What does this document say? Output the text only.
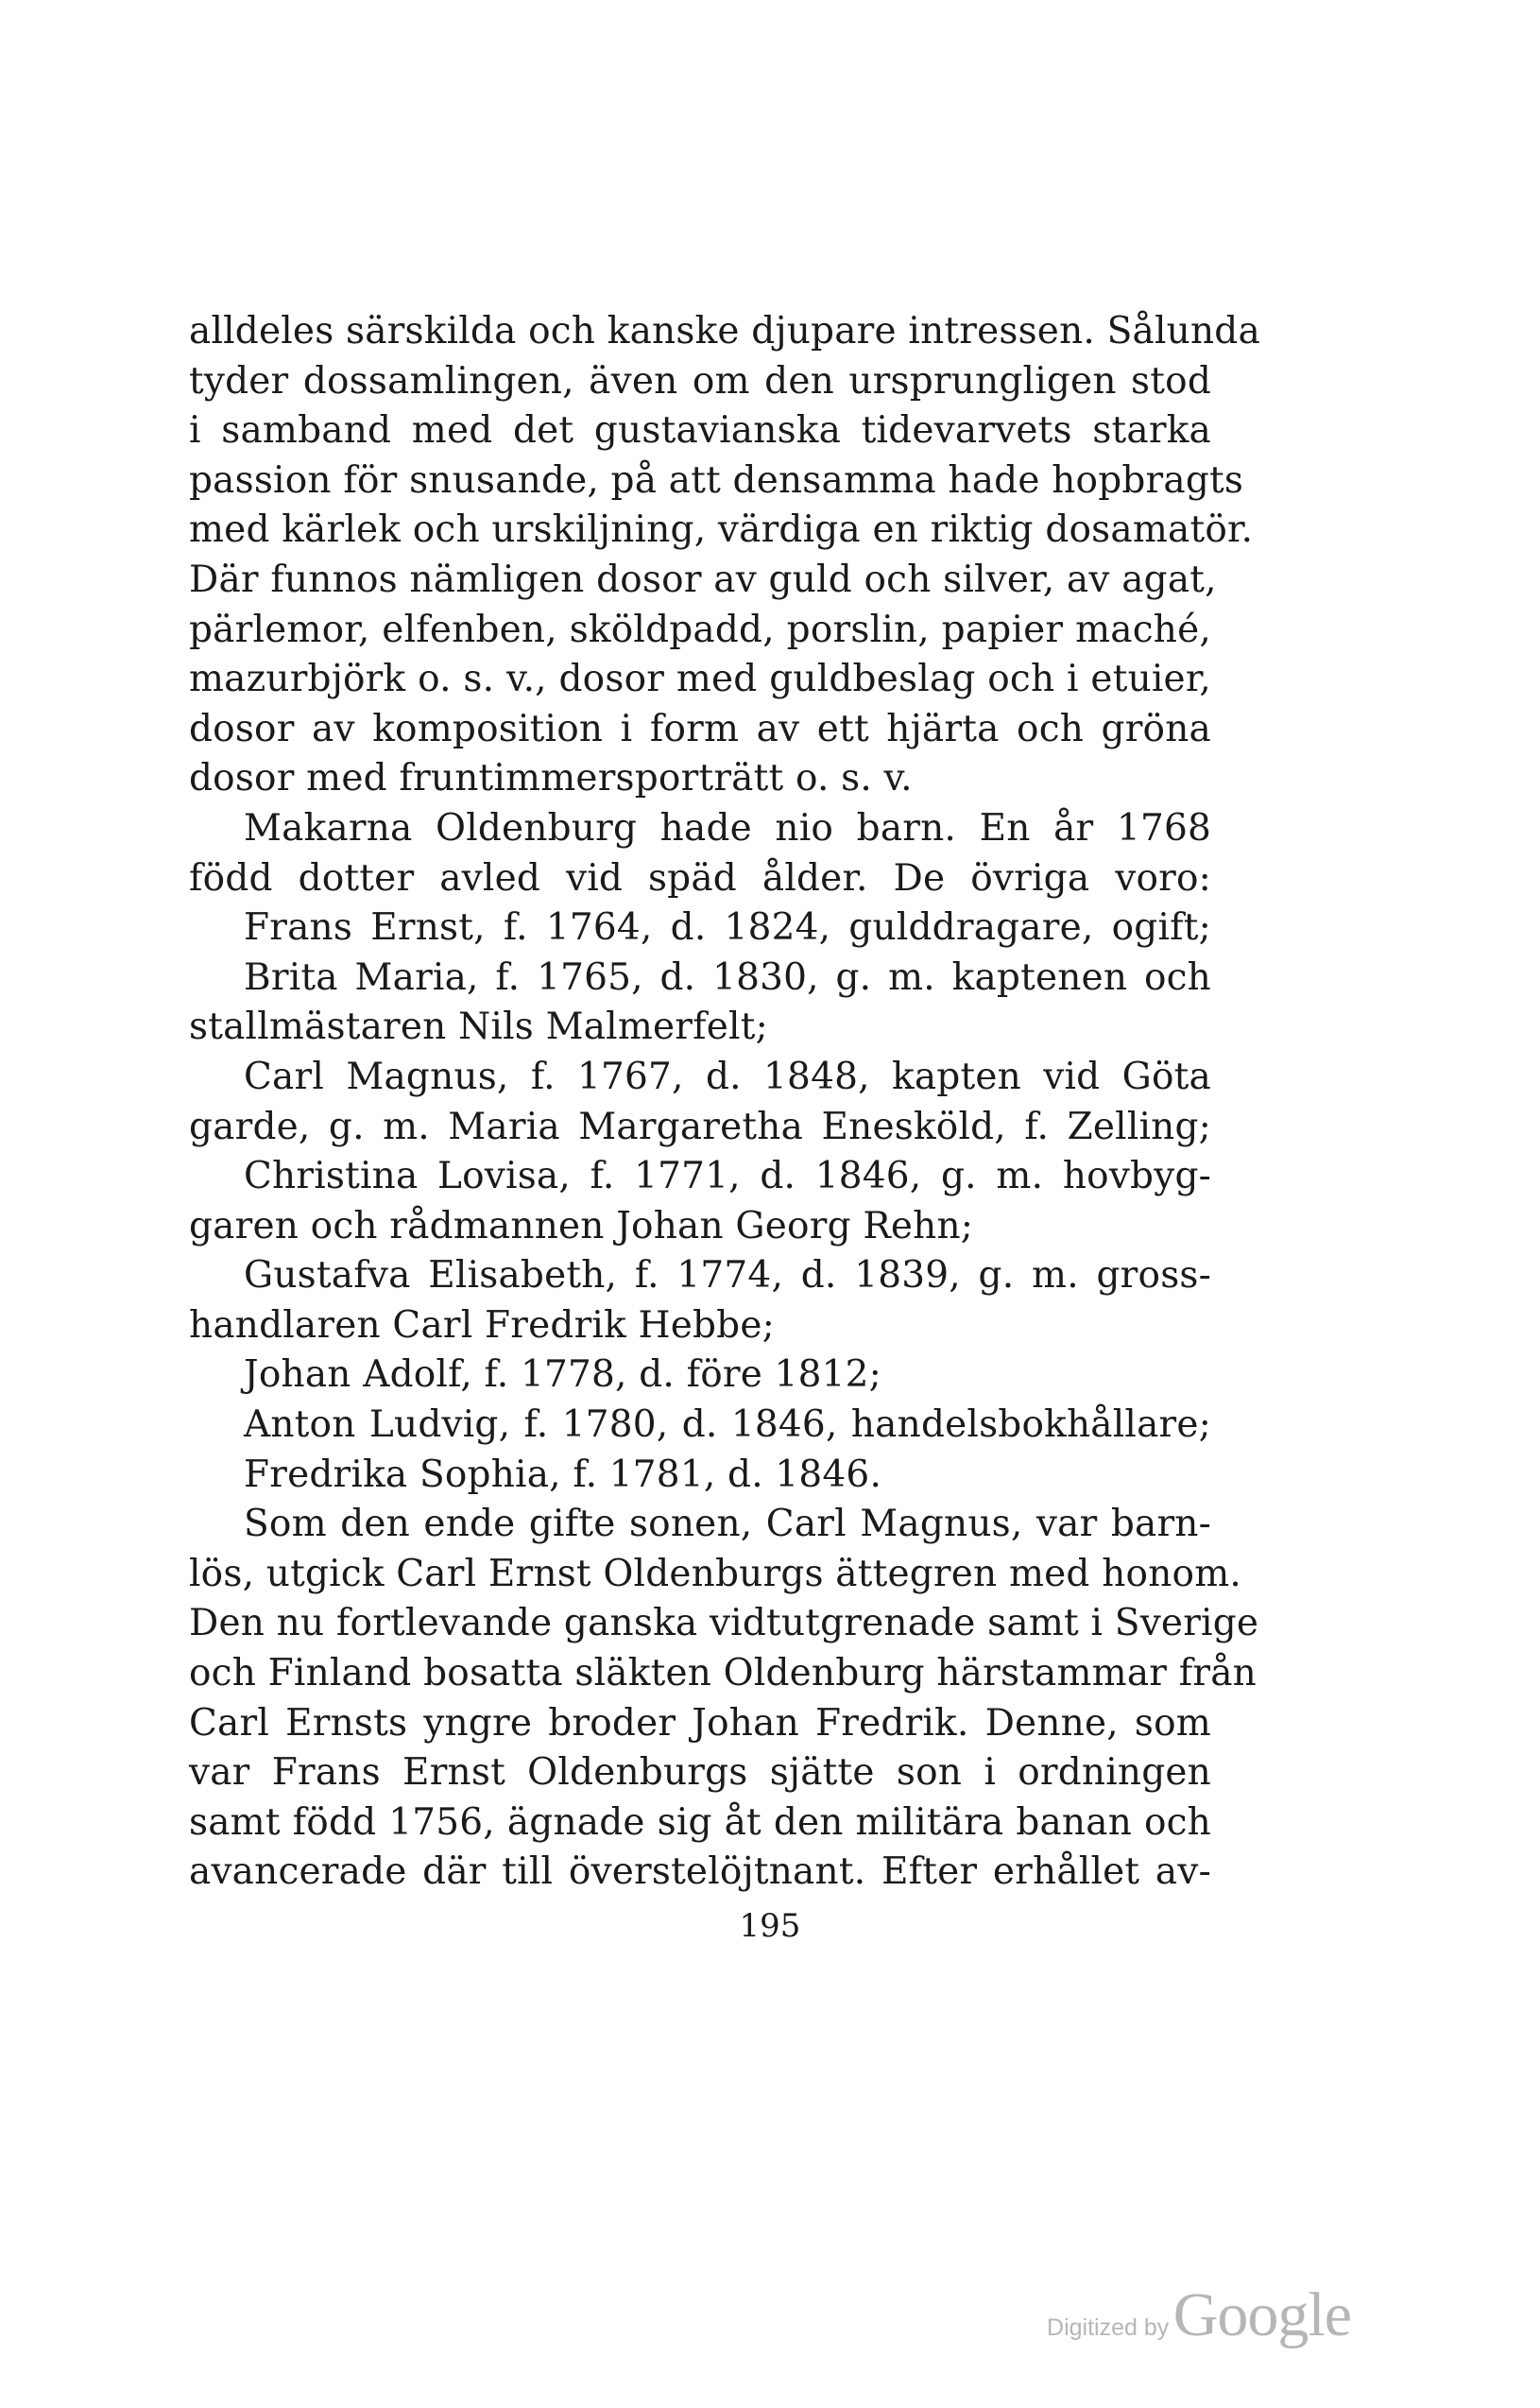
alldeles särskilda och kanske djupare intressen. Sålunda
tyder dossamlingen, även om den ursprungligen stod
i samband med det gustavianska tidevarvets starka
passion för snusande, på att densamma hade hopbragts
med kärlek och urskiljning, värdiga en riktig dosamatör.
Där funnos nämligen dosor av guld och silver, av agat,
pärlemor, elfenben, sköldpadd, porslin, papier maché,
mazurbjörk o. s. v., dosor med guldbeslag och i etuier,
dosor av komposition i form av ett hjärta och gröna
dosor med fruntimmersporträtt o. s. v.
Makarna Oldenburg hade nio barn. En år 1768
född dotter avled vid späd ålder. De övriga voro:
Frans Ernst, f. 1764, d. 1824, gulddragare, ogift;
Brita Maria, f. 1765, d. 1830, g. m. kaptenen och
stallmästaren Nils Malmerfelt;
Carl Magnus, f. 1767, d. 1848, kapten vid Göta
garde, g. m. Maria Margaretha Enesköld, f. Zelling;
Christina Lovisa, f. 1771, d. 1846, g. m. hovbyg-
garen och rådmannen Johan Georg Rehn;
Gustafva Elisabeth, f. 1774, d. 1839, g. m. gross-
handlaren Carl Fredrik Hebbe;
Johan Adolf, f. 1778, d. före 1812;
Anton Ludvig, f. 1780, d. 1846, handelsbokhållare;
Fredrika Sophia, f. 1781, d. 1846.
Som den ende gifte sonen, Carl Magnus, var barn-
lös, utgick Carl Ernst Oldenburgs ättegren med honom.
Den nu fortlevande ganska vidtutgrenade samt i Sverige
och Finland bosatta släkten Oldenburg härstammar från
Carl Ernsts yngre broder Johan Fredrik. Denne, som
var Frans Ernst Oldenburgs sjätte son i ordningen
samt född 1756, ägnade sig åt den militära banan och
avancerade där till överstelöjtnant. Efter erhållet av-
195
Digitized by Google
